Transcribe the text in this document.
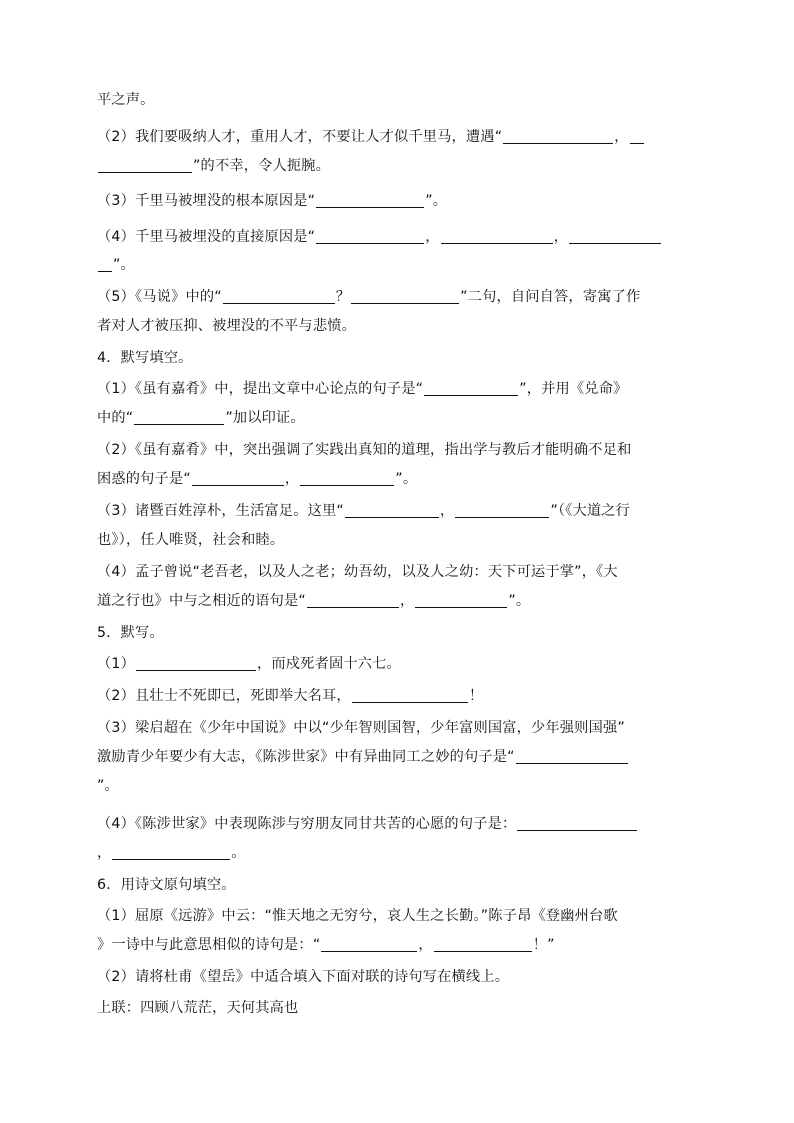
平之声。
（2）我们要吸纳人才，重用人才，不要让人才似千里马，遭遇“	，
”的不幸，令人扼腕。
（3）千里马被埋没的根本原因是“	”。
（4）千里马被埋没的直接原因是“	，	，
”。
（5）《马说》中的“	？	”二句，自问自答，寄寓了作
者对人才被压抑、被埋没的不平与悲愤。
4．默写填空。
（1）《虽有嘉肴》中，提出文章中心论点的句子是“	”，并用《兑命》
中的“	”加以印证。
（2）《虽有嘉肴》中，突出强调了实践出真知的道理，指出学与教后才能明确不足和
困惑的句子是“	，	”。
（3）诸暨百姓淳朴，生活富足。这里“	，	”（《大道之行
也》），任人唯贤，社会和睦。
（4）孟子曾说“老吾老，以及人之老；幼吾幼，以及人之幼：天下可运于掌”，《大
道之行也》中与之相近的语句是“	，	”。
5．默写。
（1）	，而戍死者固十六七。
（2）且壮士不死即已，死即举大名耳，	！
（3）梁启超在《少年中国说》中以“少年智则国智，少年富则国富，少年强则国强”
激励青少年要少有大志，《陈涉世家》中有异曲同工之妙的句子是“
”。
（4）《陈涉世家》中表现陈涉与穷朋友同甘共苦的心愿的句子是：
，	。
6．用诗文原句填空。
（1）屈原《远游》中云：“惟天地之无穷兮，哀人生之长勤。”陈子昂《登幽州台歌
》一诗中与此意思相似的诗句是：“	，	！”
（2）请将杜甫《望岳》中适合填入下面对联的诗句写在横线上。
上联：四顾八荒茫，天何其高也
